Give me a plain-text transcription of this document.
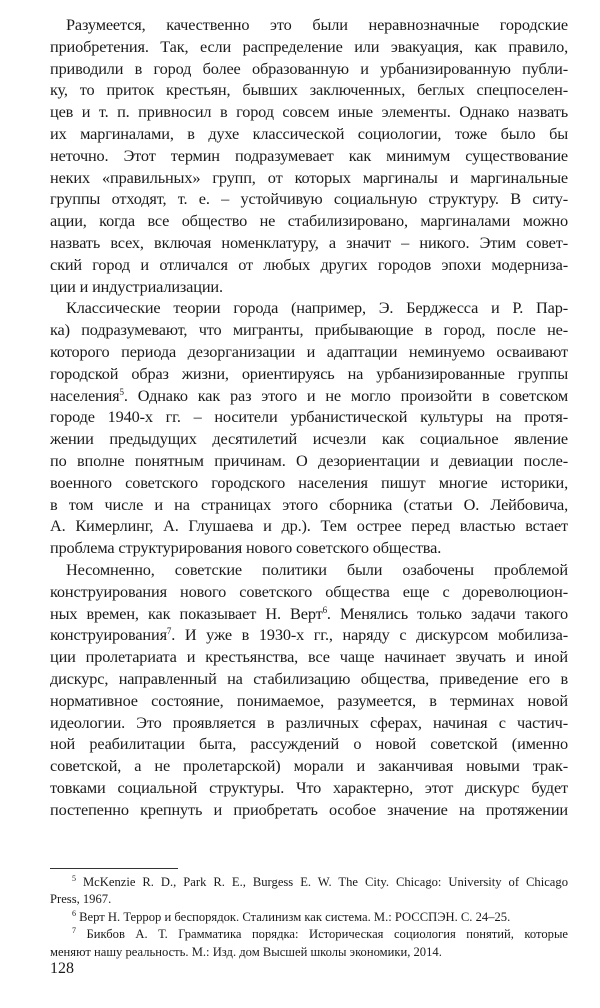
Разумеется, качественно это были неравнозначные городские
приобретения. Так, если распределение или эвакуация, как правило,
приводили в город более образованную и урбанизированную публи-
ку, то приток крестьян, бывших заключенных, беглых спецпоселен-
цев и т. п. привносил в город совсем иные элементы. Однако назвать
их маргиналами, в духе классической социологии, тоже было бы
неточно. Этот термин подразумевает как минимум существование
неких «правильных» групп, от которых маргиналы и маргинальные
группы отходят, т. е. – устойчивую социальную структуру. В ситу-
ации, когда все общество не стабилизировано, маргиналами можно
назвать всех, включая номенклатуру, а значит – никого. Этим совет-
ский город и отличался от любых других городов эпохи модерниза-
ции и индустриализации.

Классические теории города (например, Э. Берджесса и Р. Пар-
ка) подразумевают, что мигранты, прибывающие в город, после не-
которого периода дезорганизации и адаптации неминуемо осваивают
городской образ жизни, ориентируясь на урбанизированные группы
населения$^5$. Однако как раз этого и не могло произойти в советском
городе 1940-х гг. – носители урбанистической культуры на протя-
жении предыдущих десятилетий исчезли как социальное явление
по вполне понятным причинам. О дезориентации и девиации после-
военного советского городского населения пишут многие историки,
в том числе и на страницах этого сборника (статьи О. Лейбовича,
А. Кимерлинг, А. Глушаева и др.). Тем острее перед властью встает
проблема структурирования нового советского общества.

Несомненно, советские политики были озабочены проблемой
конструирования нового советского общества еще с дореволюцион-
ных времен, как показывает Н. Верт$^6$. Менялись только задачи такого
конструирования$^7$. И уже в 1930-х гг., наряду с дискурсом мобилиза-
ции пролетариата и крестьянства, все чаще начинает звучать и иной
дискурс, направленный на стабилизацию общества, приведение его в
нормативное состояние, понимаемое, разумеется, в терминах новой
идеологии. Это проявляется в различных сферах, начиная с частич-
ной реабилитации быта, рассуждений о новой советской (именно
советской, а не пролетарской) морали и заканчивая новыми трак-
товками социальной структуры. Что характерно, этот дискурс будет
постепенно крепнуть и приобретать особое значение на протяжении

$^5$ McKenzie R. D., Park R. E., Burgess E. W. The City. Chicago: University of Chicago
Press, 1967.
$^6$ Верт Н. Террор и беспорядок. Сталинизм как система. М.: РОССПЭН. С. 24–25.
$^7$ Бикбов А. Т. Грамматика порядка: Историческая социология понятий, которые
меняют нашу реальность. М.: Изд. дом Высшей школы экономики, 2014.
128
